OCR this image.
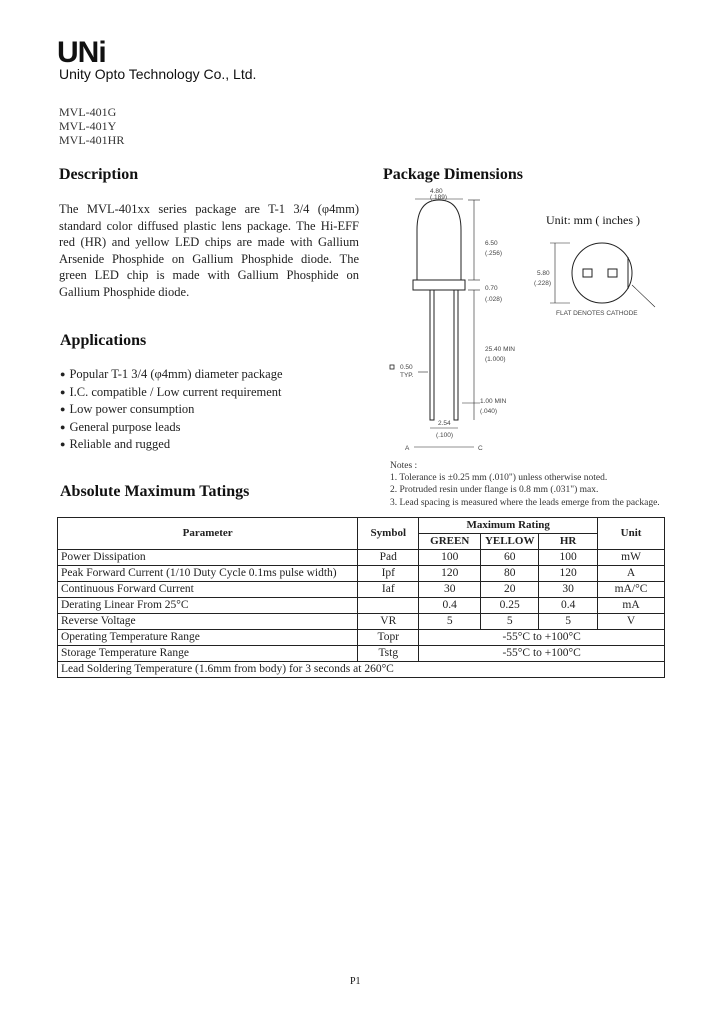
UNi
Unity Opto Technology Co., Ltd.
MVL-401G
MVL-401Y
MVL-401HR
Description
The MVL-401xx series package are T-1 3/4 (φ4mm) standard color diffused plastic lens package. The Hi-EFF red (HR) and yellow LED chips are made with Gallium Arsenide Phosphide on Gallium Phosphide diode. The green LED chip is made with Gallium Phosphide on Gallium Phosphide diode.
Applications
● Popular T-1 3/4 (φ4mm) diameter package
● I.C. compatible / Low current requirement
● Low power consumption
● General purpose leads
● Reliable and rugged
Package Dimensions
Unit: mm ( inches )
4.80
(.189)
6.50
(.256)
0.70
(.028)
25.40 MIN
(1.000)
0.50
TYP.
1.00 MIN
(.040)
2.54
(.100)
A	C
5.80
(.228)
FLAT DENOTES CATHODE
Notes :
1. Tolerance is ±0.25 mm (.010") unless otherwise noted.
2. Protruded resin under flange is 0.8 mm (.031") max.
3. Lead spacing is measured where the leads emerge from the package.
Absolute Maximum Tatings
Parameter	Symbol	Maximum Rating			Unit
		GREEN	YELLOW	HR	
Power Dissipation	Pad	100	60	100	mW
Peak Forward Current (1/10 Duty Cycle 0.1ms pulse width)	Ipf	120	80	120	A
Continuous Forward Current	Iaf	30	20	30	mA/°C
Derating Linear From 25°C		0.4	0.25	0.4	mA
Reverse Voltage	VR	5	5	5	V
Operating Temperature Range	Topr	-55°C to +100°C			
Storage Temperature Range	Tstg	-55°C to +100°C			
Lead Soldering Temperature (1.6mm from body) for 3 seconds at 260°C					
P1
